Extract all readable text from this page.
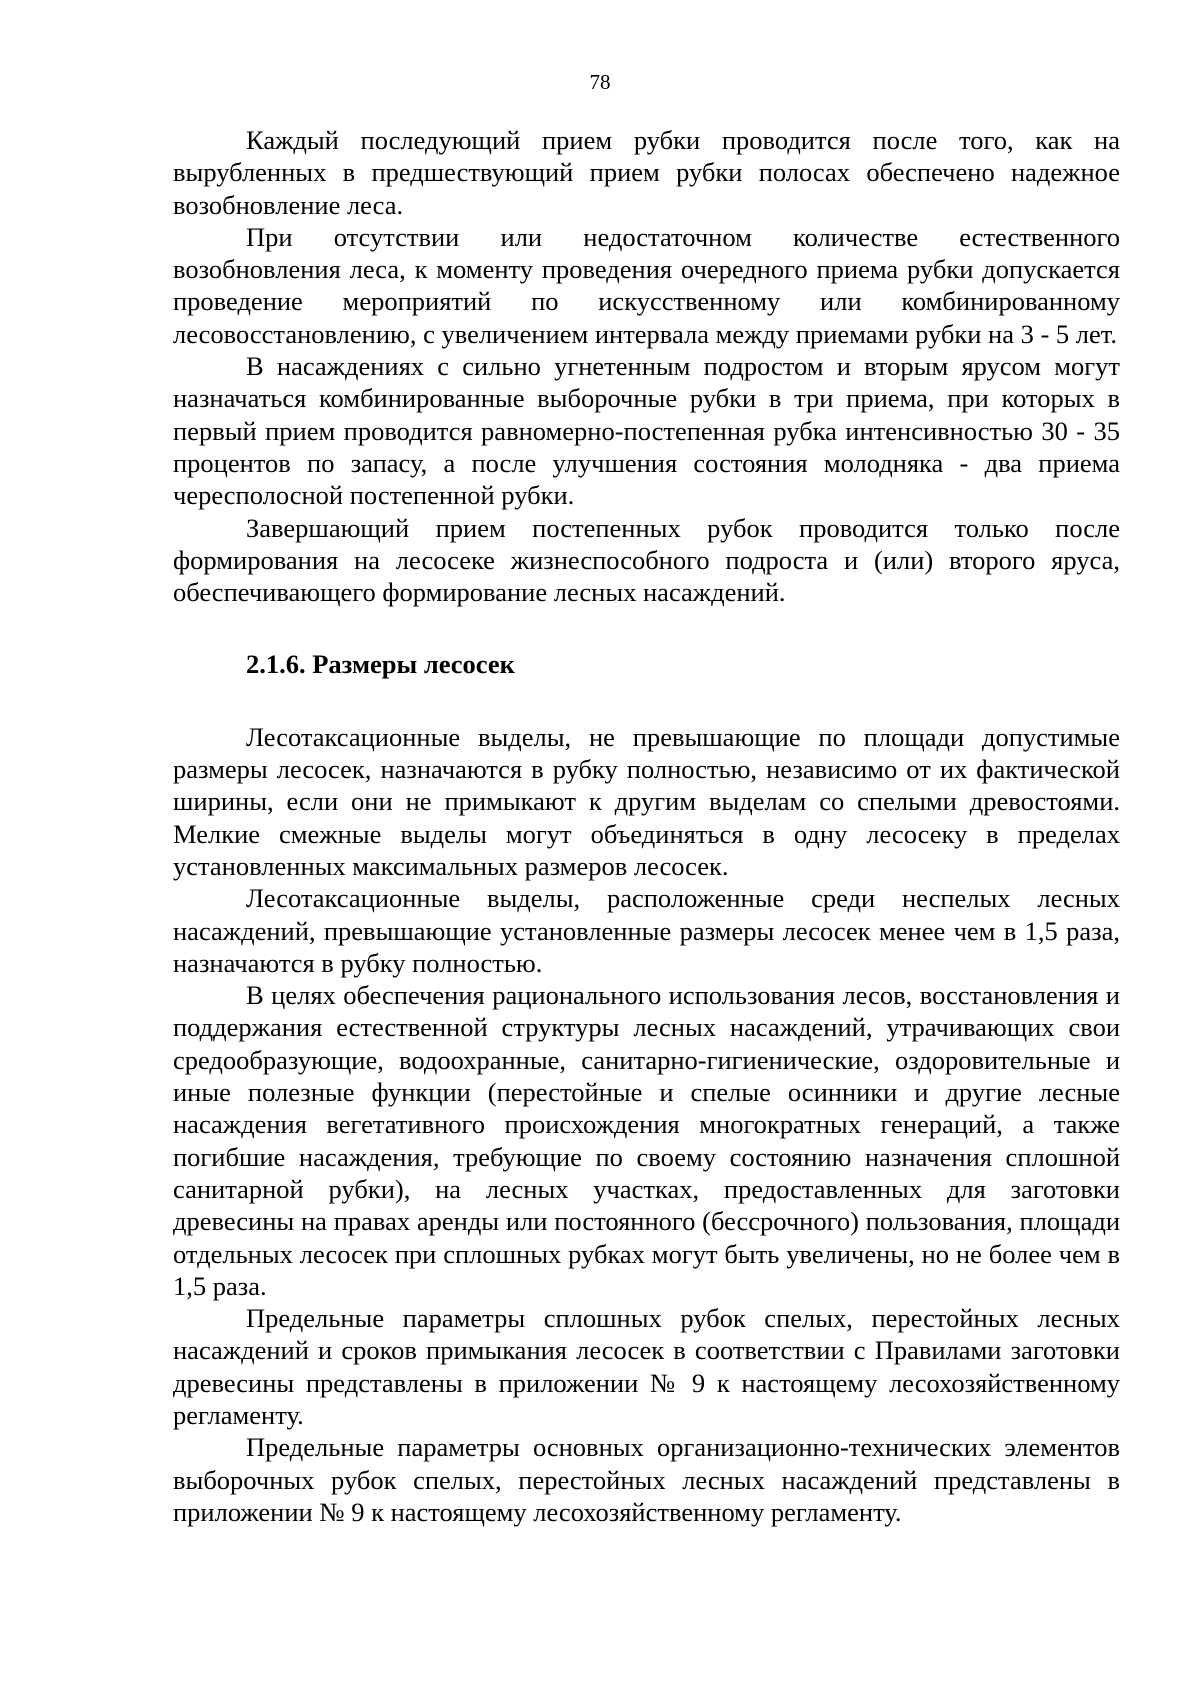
78

Каждый последующий прием рубки проводится после того, как на вырубленных в предшествующий прием рубки полосах обеспечено надежное возобновление леса.

При отсутствии или недостаточном количестве естественного возобновления леса, к моменту проведения очередного приема рубки допускается проведение мероприятий по искусственному или комбинированному лесовосстановлению, с увеличением интервала между приемами рубки на 3 - 5 лет.

В насаждениях с сильно угнетенным подростом и вторым ярусом могут назначаться комбинированные выборочные рубки в три приема, при которых в первый прием проводится равномерно-постепенная рубка интенсивностью 30 - 35 процентов по запасу, а после улучшения состояния молодняка - два приема чересполосной постепенной рубки.

Завершающий прием постепенных рубок проводится только после формирования на лесосеке жизнеспособного подроста и (или) второго яруса, обеспечивающего формирование лесных насаждений.

2.1.6. Размеры лесосек

Лесотаксационные выделы, не превышающие по площади допустимые размеры лесосек, назначаются в рубку полностью, независимо от их фактической ширины, если они не примыкают к другим выделам со спелыми древостоями. Мелкие смежные выделы могут объединяться в одну лесосеку в пределах установленных максимальных размеров лесосек.

Лесотаксационные выделы, расположенные среди неспелых лесных насаждений, превышающие установленные размеры лесосек менее чем в 1,5 раза, назначаются в рубку полностью.

В целях обеспечения рационального использования лесов, восстановления и поддержания естественной структуры лесных насаждений, утрачивающих свои средообразующие, водоохранные, санитарно-гигиенические, оздоровительные и иные полезные функции (перестойные и спелые осинники и другие лесные насаждения вегетативного происхождения многократных генераций, а также погибшие насаждения, требующие по своему состоянию назначения сплошной санитарной рубки), на лесных участках, предоставленных для заготовки древесины на правах аренды или постоянного (бессрочного) пользования, площади отдельных лесосек при сплошных рубках могут быть увеличены, но не более чем в 1,5 раза.

Предельные параметры сплошных рубок спелых, перестойных лесных насаждений и сроков примыкания лесосек в соответствии с Правилами заготовки древесины представлены в приложении № 9 к настоящему лесохозяйственному регламенту.

Предельные параметры основных организационно-технических элементов выборочных рубок спелых, перестойных лесных насаждений представлены в приложении № 9 к настоящему лесохозяйственному регламенту.
